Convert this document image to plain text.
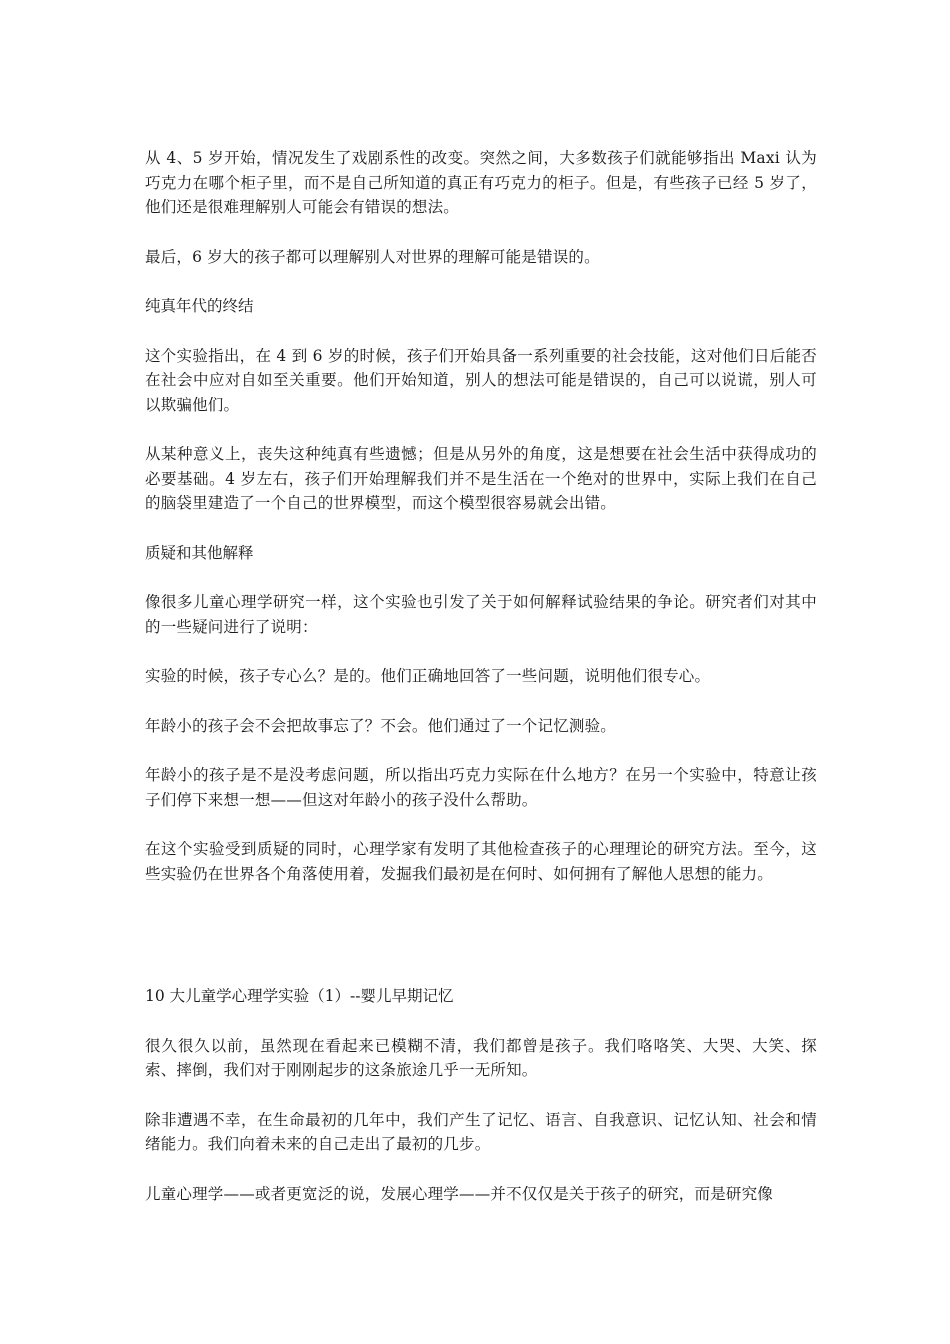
从 4、5 岁开始，情况发生了戏剧系性的改变。突然之间，大多数孩子们就能够指出 Maxi 认为巧克力在哪个柜子里，而不是自己所知道的真正有巧克力的柜子。但是，有些孩子已经 5 岁了，他们还是很难理解别人可能会有错误的想法。

最后，6 岁大的孩子都可以理解别人对世界的理解可能是错误的。

纯真年代的终结

这个实验指出，在 4 到 6 岁的时候，孩子们开始具备一系列重要的社会技能，这对他们日后能否在社会中应对自如至关重要。他们开始知道，别人的想法可能是错误的，自己可以说谎，别人可以欺骗他们。

从某种意义上，丧失这种纯真有些遗憾；但是从另外的角度，这是想要在社会生活中获得成功的必要基础。4 岁左右，孩子们开始理解我们并不是生活在一个绝对的世界中，实际上我们在自己的脑袋里建造了一个自己的世界模型，而这个模型很容易就会出错。

质疑和其他解释

像很多儿童心理学研究一样，这个实验也引发了关于如何解释试验结果的争论。研究者们对其中的一些疑问进行了说明：

实验的时候，孩子专心么？是的。他们正确地回答了一些问题，说明他们很专心。

年龄小的孩子会不会把故事忘了？不会。他们通过了一个记忆测验。

年龄小的孩子是不是没考虑问题，所以指出巧克力实际在什么地方？在另一个实验中，特意让孩子们停下来想一想——但这对年龄小的孩子没什么帮助。

在这个实验受到质疑的同时，心理学家有发明了其他检查孩子的心理理论的研究方法。至今，这些实验仍在世界各个角落使用着，发掘我们最初是在何时、如何拥有了解他人思想的能力。

10 大儿童学心理学实验（1）--婴儿早期记忆

很久很久以前，虽然现在看起来已模糊不清，我们都曾是孩子。我们咯咯笑、大哭、大笑、探索、摔倒，我们对于刚刚起步的这条旅途几乎一无所知。

除非遭遇不幸，在生命最初的几年中，我们产生了记忆、语言、自我意识、记忆认知、社会和情绪能力。我们向着未来的自己走出了最初的几步。

儿童心理学——或者更宽泛的说，发展心理学——并不仅仅是关于孩子的研究，而是研究像
